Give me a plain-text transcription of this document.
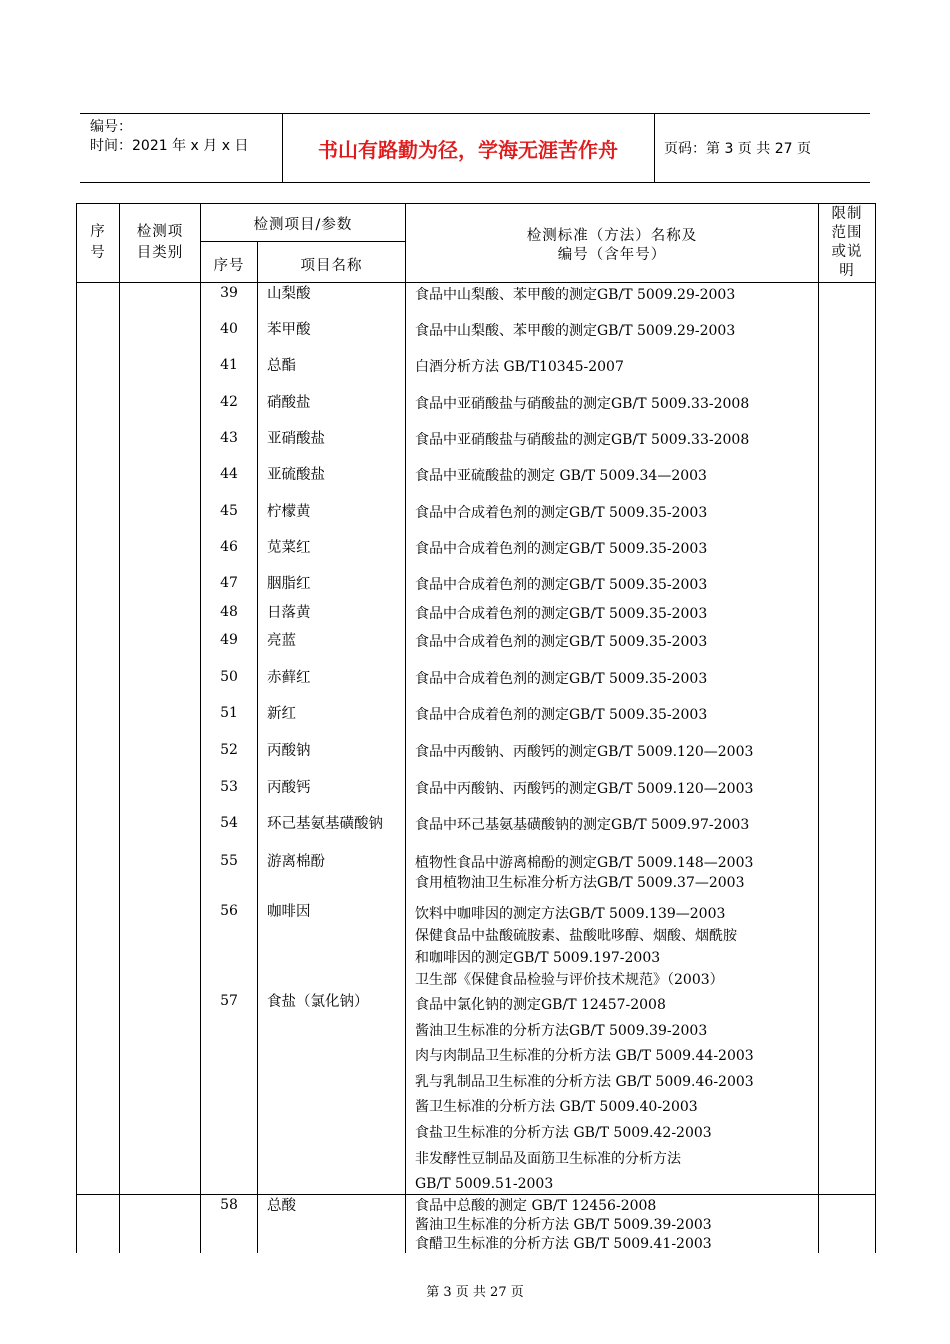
编号：
时间：2021 年 x 月 x 日	书山有路勤为径，学海无涯苦作舟	页码：第 3 页 共 27 页
序号
检测项目类别
检测项目/参数
序号	项目名称
检测标准（方法）名称及
编号（含年号）
限制范围或说明
39	山梨酸	食品中山梨酸、苯甲酸的测定GB/T 5009.29-2003
40	苯甲酸	食品中山梨酸、苯甲酸的测定GB/T 5009.29-2003
41	总酯	白酒分析方法 GB/T10345-2007
42	硝酸盐	食品中亚硝酸盐与硝酸盐的测定GB/T 5009.33-2008
43	亚硝酸盐	食品中亚硝酸盐与硝酸盐的测定GB/T 5009.33-2008
44	亚硫酸盐	食品中亚硫酸盐的测定 GB/T 5009.34—2003
45	柠檬黄	食品中合成着色剂的测定GB/T 5009.35-2003
46	苋菜红	食品中合成着色剂的测定GB/T 5009.35-2003
47	胭脂红	食品中合成着色剂的测定GB/T 5009.35-2003
48	日落黄	食品中合成着色剂的测定GB/T 5009.35-2003
49	亮蓝	食品中合成着色剂的测定GB/T 5009.35-2003
50	赤藓红	食品中合成着色剂的测定GB/T 5009.35-2003
51	新红	食品中合成着色剂的测定GB/T 5009.35-2003
52	丙酸钠	食品中丙酸钠、丙酸钙的测定GB/T 5009.120—2003
53	丙酸钙	食品中丙酸钠、丙酸钙的测定GB/T 5009.120—2003
54	环己基氨基磺酸钠	食品中环己基氨基磺酸钠的测定GB/T 5009.97-2003
55	游离棉酚	植物性食品中游离棉酚的测定GB/T 5009.148—2003
食用植物油卫生标准分析方法GB/T 5009.37—2003
56	咖啡因	饮料中咖啡因的测定方法GB/T 5009.139—2003
保健食品中盐酸硫胺素、盐酸吡哆醇、烟酸、烟酰胺
和咖啡因的测定GB/T 5009.197-2003
卫生部《保健食品检验与评价技术规范》（2003）
57	食盐（氯化钠）	食品中氯化钠的测定GB/T 12457-2008
酱油卫生标准的分析方法GB/T 5009.39-2003
肉与肉制品卫生标准的分析方法 GB/T 5009.44-2003
乳与乳制品卫生标准的分析方法 GB/T 5009.46-2003
酱卫生标准的分析方法 GB/T 5009.40-2003
食盐卫生标准的分析方法 GB/T 5009.42-2003
非发酵性豆制品及面筋卫生标准的分析方法
GB/T 5009.51-2003
58	总酸	食品中总酸的测定 GB/T 12456-2008
酱油卫生标准的分析方法 GB/T 5009.39-2003
食醋卫生标准的分析方法 GB/T 5009.41-2003
第 3 页 共 27 页
